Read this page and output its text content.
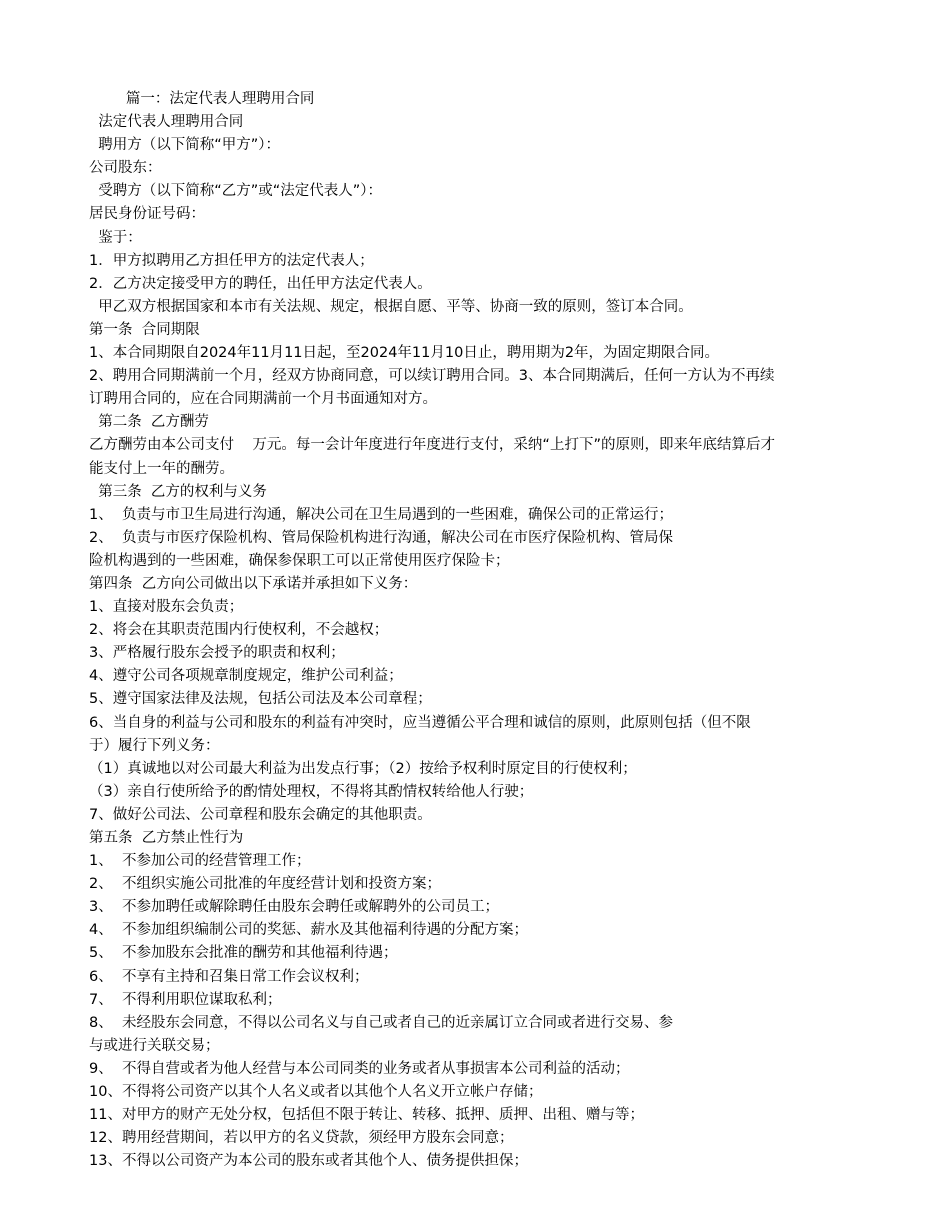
篇一：法定代表人理聘用合同
法定代表人理聘用合同
聘用方（以下简称“甲方”）：
公司股东：
受聘方（以下简称“乙方”或“法定代表人”）：
居民身份证号码：
鉴于：
1．甲方拟聘用乙方担任甲方的法定代表人；
2．乙方决定接受甲方的聘任，出任甲方法定代表人。
甲乙双方根据国家和本市有关法规、规定，根据自愿、平等、协商一致的原则，签订本合同。
第一条  合同期限
1、本合同期限自2024年11月11日起，至2024年11月10日止，聘用期为2年，为固定期限合同。
2、聘用合同期满前一个月，经双方协商同意，可以续订聘用合同。3、本合同期满后，任何一方认为不再续
订聘用合同的，应在合同期满前一个月书面通知对方。
第二条  乙方酬劳
乙方酬劳由本公司支付    万元。每一会计年度进行年度进行支付，采纳“上打下”的原则，即来年底结算后才
能支付上一年的酬劳。
第三条  乙方的权利与义务
1、  负责与市卫生局进行沟通，解决公司在卫生局遇到的一些困难，确保公司的正常运行；
2、  负责与市医疗保险机构、管局保险机构进行沟通，解决公司在市医疗保险机构、管局保
险机构遇到的一些困难，确保参保职工可以正常使用医疗保险卡；
第四条  乙方向公司做出以下承诺并承担如下义务：
1、直接对股东会负责；
2、将会在其职责范围内行使权利，不会越权；
3、严格履行股东会授予的职责和权利；
4、遵守公司各项规章制度规定，维护公司利益；
5、遵守国家法律及法规，包括公司法及本公司章程；
6、当自身的利益与公司和股东的利益有冲突时，应当遵循公平合理和诚信的原则，此原则包括（但不限
于）履行下列义务：
（1）真诚地以对公司最大利益为出发点行事；（2）按给予权利时原定目的行使权利；
（3）亲自行使所给予的酌情处理权，不得将其酌情权转给他人行驶；
7、做好公司法、公司章程和股东会确定的其他职责。
第五条  乙方禁止性行为
1、  不参加公司的经营管理工作；
2、  不组织实施公司批准的年度经营计划和投资方案；
3、  不参加聘任或解除聘任由股东会聘任或解聘外的公司员工；
4、  不参加组织编制公司的奖惩、薪水及其他福利待遇的分配方案；
5、  不参加股东会批准的酬劳和其他福利待遇；
6、  不享有主持和召集日常工作会议权利；
7、  不得利用职位谋取私利；
8、  未经股东会同意，不得以公司名义与自己或者自己的近亲属订立合同或者进行交易、参
与或进行关联交易；
9、  不得自营或者为他人经营与本公司同类的业务或者从事损害本公司利益的活动；
10、不得将公司资产以其个人名义或者以其他个人名义开立帐户存储；
11、对甲方的财产无处分权，包括但不限于转让、转移、抵押、质押、出租、赠与等；
12、聘用经营期间，若以甲方的名义贷款，须经甲方股东会同意；
13、不得以公司资产为本公司的股东或者其他个人、债务提供担保；
